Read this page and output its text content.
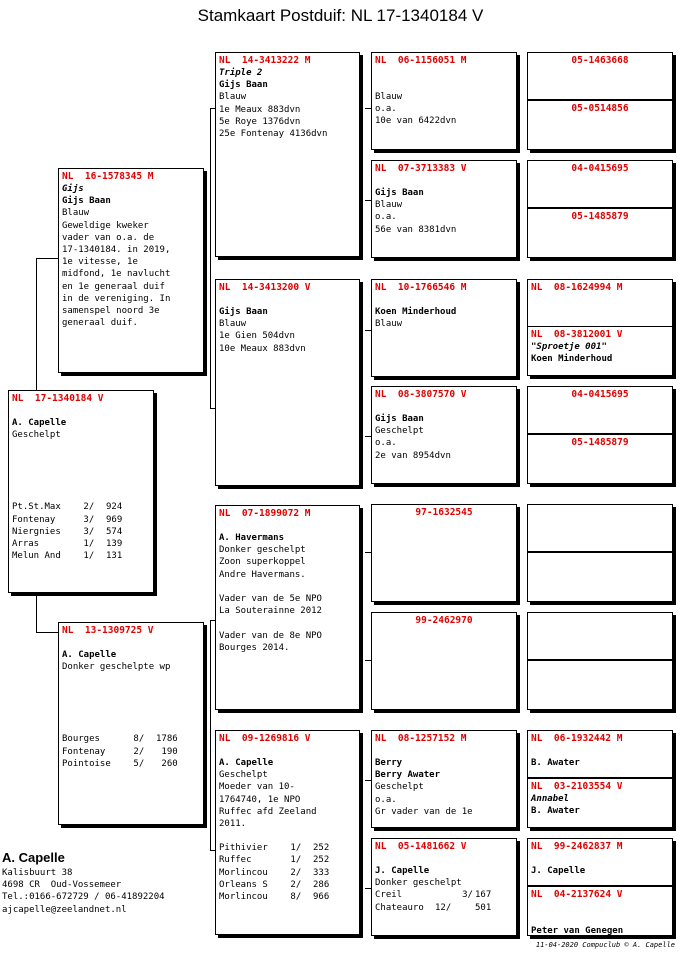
Stamkaart Postduif: NL 17-1340184 V
NL  17-1340184 V
A. Capelle
Geschelpt
Pt.St.Max 2/ 924
Fontenay	3/ 969
Niergnies 3/ 574
Arras	1/ 139
Melun And 1/ 131
NL  16-1578345 M
Gijs
Gijs Baan
Blauw
Geweldige kweker
vader van o.a. de
17-1340184. in 2019,
1e vitesse, 1e
midfond, 1e navlucht
en 1e generaal duif
in de vereniging. In
samenspel noord 3e
generaal duif.
NL  13-1309725 V
A. Capelle
Donker geschelpte wp
Bourges	8/ 1786
Fontenay	2/ 190
Pointoise 5/ 260
NL  14-3413222 M
Triple 2
Gijs Baan
Blauw
1e Meaux 883dvn
5e Roye 1376dvn
25e Fontenay 4136dvn
NL  14-3413200 V
Gijs Baan
Blauw
1e Gien 504dvn
10e Meaux 883dvn
NL  07-1899072 M
A. Havermans
Donker geschelpt
Zoon superkoppel
Andre Havermans.

Vader van de 5e NPO
La Souterainne 2012

Vader van de 8e NPO
Bourges 2014.
NL  09-1269816 V
A. Capelle
Geschelpt
Moeder van 10-
1764740, 1e NPO
Ruffec afd Zeeland
2011.
Pithivier 1/ 252
Ruffec	1/ 252
Morlincou 2/ 333
Orleans S 2/ 286
Morlincou 8/ 966
NL  06-1156051 M
Blauw
o.a.
10e van 6422dvn
NL  07-3713383 V
Gijs Baan
Blauw
o.a.
56e van 8381dvn
NL  10-1766546 M
Koen Minderhoud
Blauw
NL  08-3807570 V
Gijs Baan
Geschelpt
o.a.
2e van 8954dvn
97-1632545
99-2462970
NL  08-1257152 M
Berry
Berry Awater
Geschelpt
o.a.
Gr vader van de 1e
NL  05-1481662 V
J. Capelle
Donker geschelpt
Creil	3/ 167
Chateauro 12/	501
05-1463668
05-0514856
04-0415695
05-1485879
NL  08-1624994 M
NL  08-3812001 V
"Sproetje 001"
Koen Minderhoud
04-0415695
05-1485879
NL  06-1932442 M
B. Awater
NL  03-2103554 V
Annabel
B. Awater
NL  99-2462837 M
J. Capelle
NL  04-2137624 V
Peter van Genegen
A. Capelle
Kalisbuurt 38
4698 CR  Oud-Vossemeer
Tel.:0166-672729 / 06-41892204
ajcapelle@zeelandnet.nl
11-04-2020 Compuclub © A. Capelle
